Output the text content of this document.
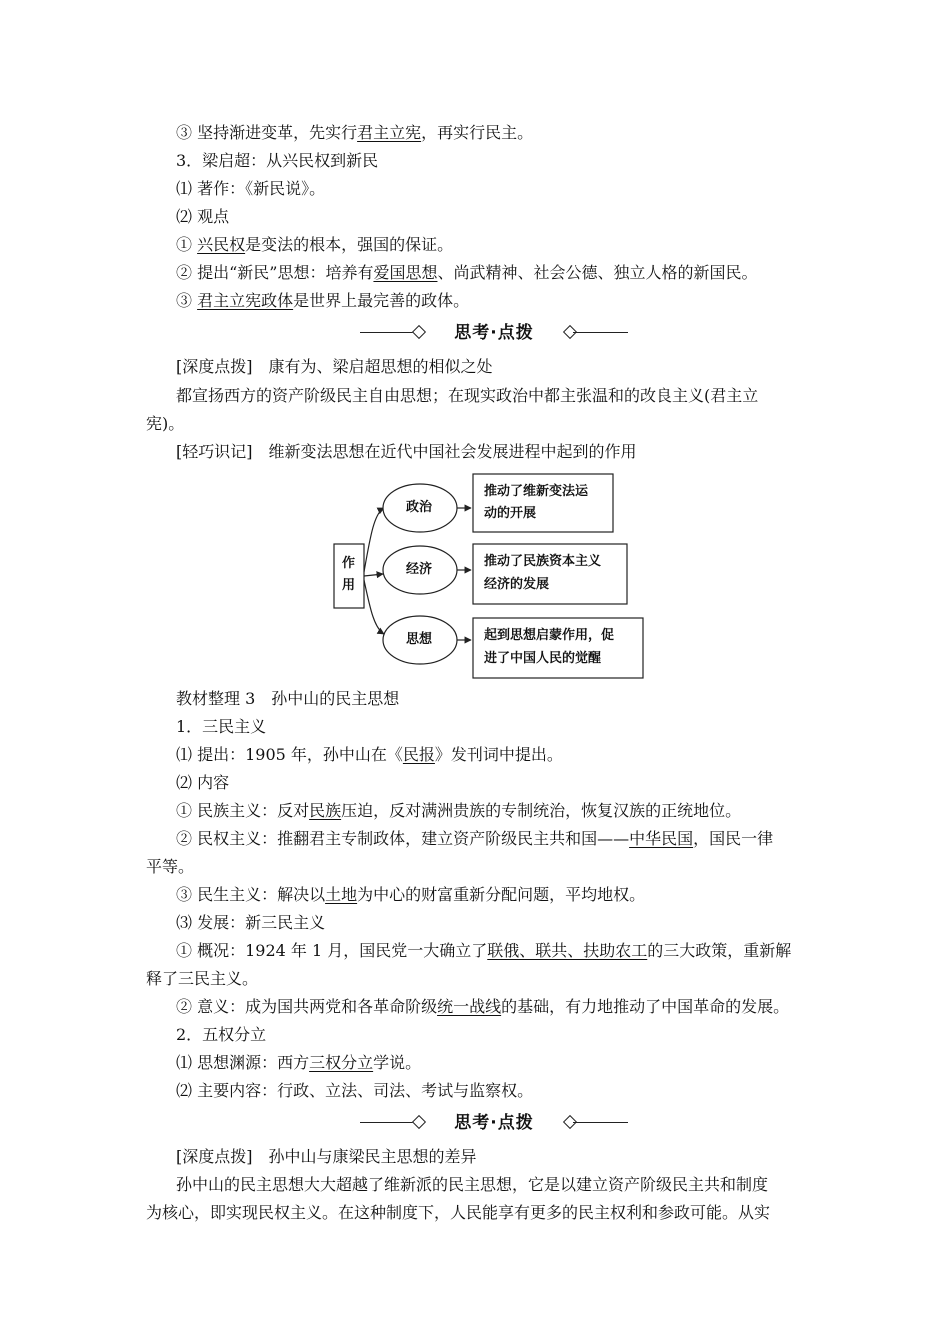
③ 坚持渐进变革，先实行君主立宪，再实行民主。
3．梁启超：从兴民权到新民
⑴ 著作：《新民说》。
⑵ 观点
① 兴民权是变法的根本，强国的保证。
② 提出“新民”思想：培养有爱国思想、尚武精神、社会公德、独立人格的新国民。
③ 君主立宪政体是世界上最完善的政体。
思考·点拨
[深度点拨]　康有为、梁启超思想的相似之处
都宣扬西方的资产阶级民主自由思想；在现实政治中都主张温和的改良主义(君主立
宪)。
[轻巧识记]　维新变法思想在近代中国社会发展进程中起到的作用
作
用
政治
经济
思想
推动了维新变法运
动的开展
推动了民族资本主义
经济的发展
起到思想启蒙作用，促
进了中国人民的觉醒
教材整理 3　孙中山的民主思想
1．三民主义
⑴ 提出：1905 年，孙中山在《民报》发刊词中提出。
⑵ 内容
① 民族主义：反对民族压迫，反对满洲贵族的专制统治，恢复汉族的正统地位。
② 民权主义：推翻君主专制政体，建立资产阶级民主共和国——中华民国，国民一律
平等。
③ 民生主义：解决以土地为中心的财富重新分配问题，平均地权。
⑶ 发展：新三民主义
① 概况：1924 年 1 月，国民党一大确立了联俄、联共、扶助农工的三大政策，重新解
释了三民主义。
② 意义：成为国共两党和各革命阶级统一战线的基础，有力地推动了中国革命的发展。
2．五权分立
⑴ 思想渊源：西方三权分立学说。
⑵ 主要内容：行政、立法、司法、考试与监察权。
思考·点拨
[深度点拨]　孙中山与康梁民主思想的差异
孙中山的民主思想大大超越了维新派的民主思想，它是以建立资产阶级民主共和制度
为核心，即实现民权主义。在这种制度下，人民能享有更多的民主权利和参政可能。从实
